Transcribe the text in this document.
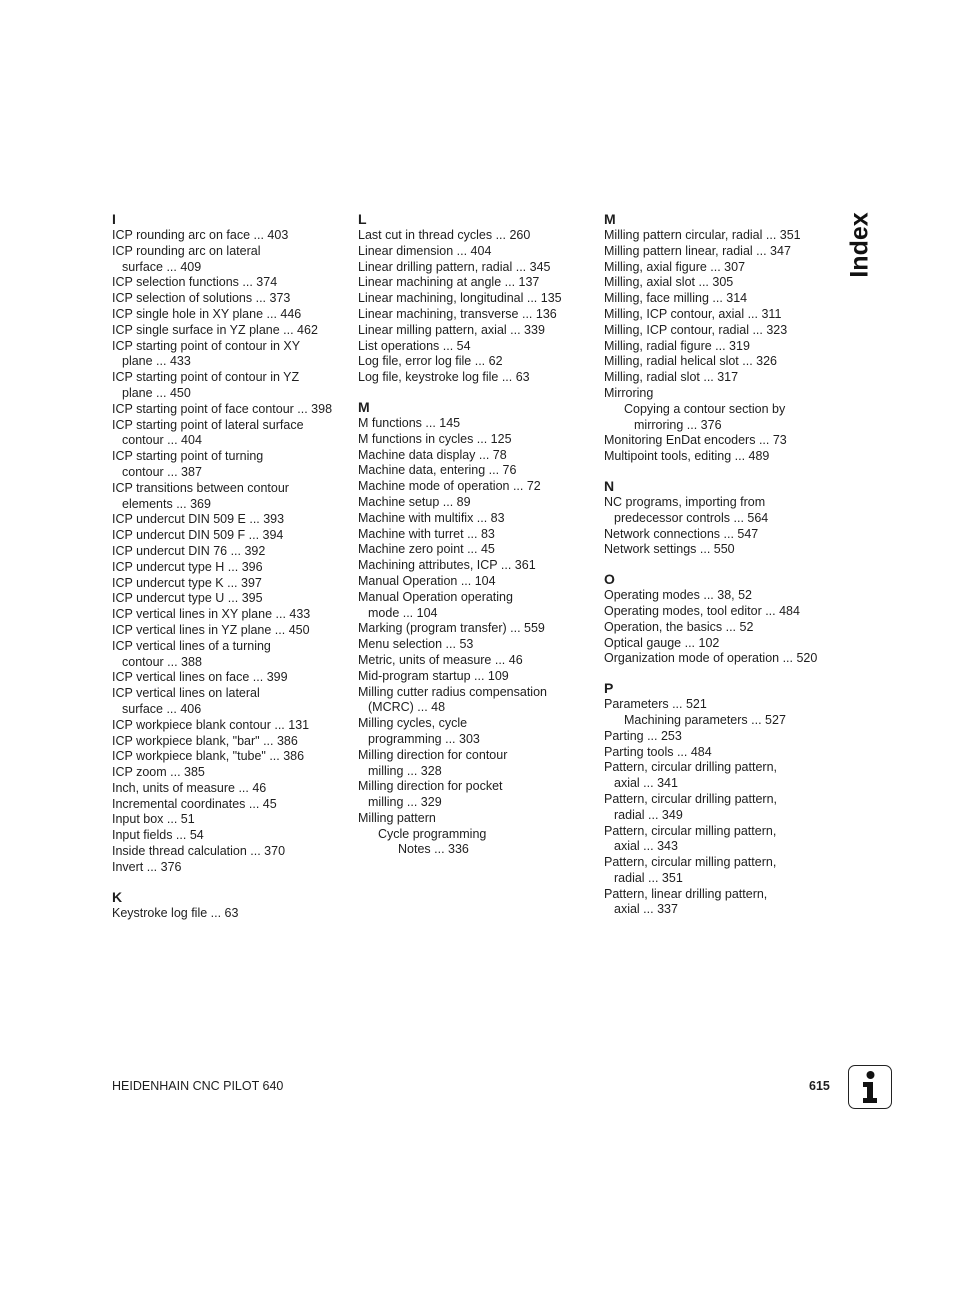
Index
I
ICP rounding arc on face ... 403
ICP rounding arc on lateral
surface ... 409
ICP selection functions ... 374
ICP selection of solutions ... 373
ICP single hole in XY plane ... 446
ICP single surface in YZ plane ... 462
ICP starting point of contour in XY
plane ... 433
ICP starting point of contour in YZ
plane ... 450
ICP starting point of face contour ... 398
ICP starting point of lateral surface
contour ... 404
ICP starting point of turning
contour ... 387
ICP transitions between contour
elements ... 369
ICP undercut DIN 509 E ... 393
ICP undercut DIN 509 F ... 394
ICP undercut DIN 76 ... 392
ICP undercut type H ... 396
ICP undercut type K ... 397
ICP undercut type U ... 395
ICP vertical lines in XY plane ... 433
ICP vertical lines in YZ plane ... 450
ICP vertical lines of a turning
contour ... 388
ICP vertical lines on face ... 399
ICP vertical lines on lateral
surface ... 406
ICP workpiece blank contour ... 131
ICP workpiece blank, "bar" ... 386
ICP workpiece blank, "tube" ... 386
ICP zoom ... 385
Inch, units of measure ... 46
Incremental coordinates ... 45
Input box ... 51
Input fields ... 54
Inside thread calculation ... 370
Invert ... 376
K
Keystroke log file ... 63
L
Last cut in thread cycles ... 260
Linear dimension ... 404
Linear drilling pattern, radial ... 345
Linear machining at angle ... 137
Linear machining, longitudinal ... 135
Linear machining, transverse ... 136
Linear milling pattern, axial ... 339
List operations ... 54
Log file, error log file ... 62
Log file, keystroke log file ... 63
M
M functions ... 145
M functions in cycles ... 125
Machine data display ... 78
Machine data, entering ... 76
Machine mode of operation ... 72
Machine setup ... 89
Machine with multifix ... 83
Machine with turret ... 83
Machine zero point ... 45
Machining attributes, ICP ... 361
Manual Operation ... 104
Manual Operation operating
mode ... 104
Marking (program transfer) ... 559
Menu selection ... 53
Metric, units of measure ... 46
Mid-program startup ... 109
Milling cutter radius compensation
(MCRC) ... 48
Milling cycles, cycle
programming ... 303
Milling direction for contour
milling ... 328
Milling direction for pocket
milling ... 329
Milling pattern
Cycle programming
Notes ... 336
M
Milling pattern circular, radial ... 351
Milling pattern linear, radial ... 347
Milling, axial figure ... 307
Milling, axial slot ... 305
Milling, face milling ... 314
Milling, ICP contour, axial ... 311
Milling, ICP contour, radial ... 323
Milling, radial figure ... 319
Milling, radial helical slot ... 326
Milling, radial slot ... 317
Mirroring
Copying a contour section by
mirroring ... 376
Monitoring EnDat encoders ... 73
Multipoint tools, editing ... 489
N
NC programs, importing from
predecessor controls ... 564
Network connections ... 547
Network settings ... 550
O
Operating modes ... 38, 52
Operating modes, tool editor ... 484
Operation, the basics ... 52
Optical gauge ... 102
Organization mode of operation ... 520
P
Parameters ... 521
Machining parameters ... 527
Parting ... 253
Parting tools ... 484
Pattern, circular drilling pattern,
axial ... 341
Pattern, circular drilling pattern,
radial ... 349
Pattern, circular milling pattern,
axial ... 343
Pattern, circular milling pattern,
radial ... 351
Pattern, linear drilling pattern,
axial ... 337
HEIDENHAIN CNC PILOT 640	615
